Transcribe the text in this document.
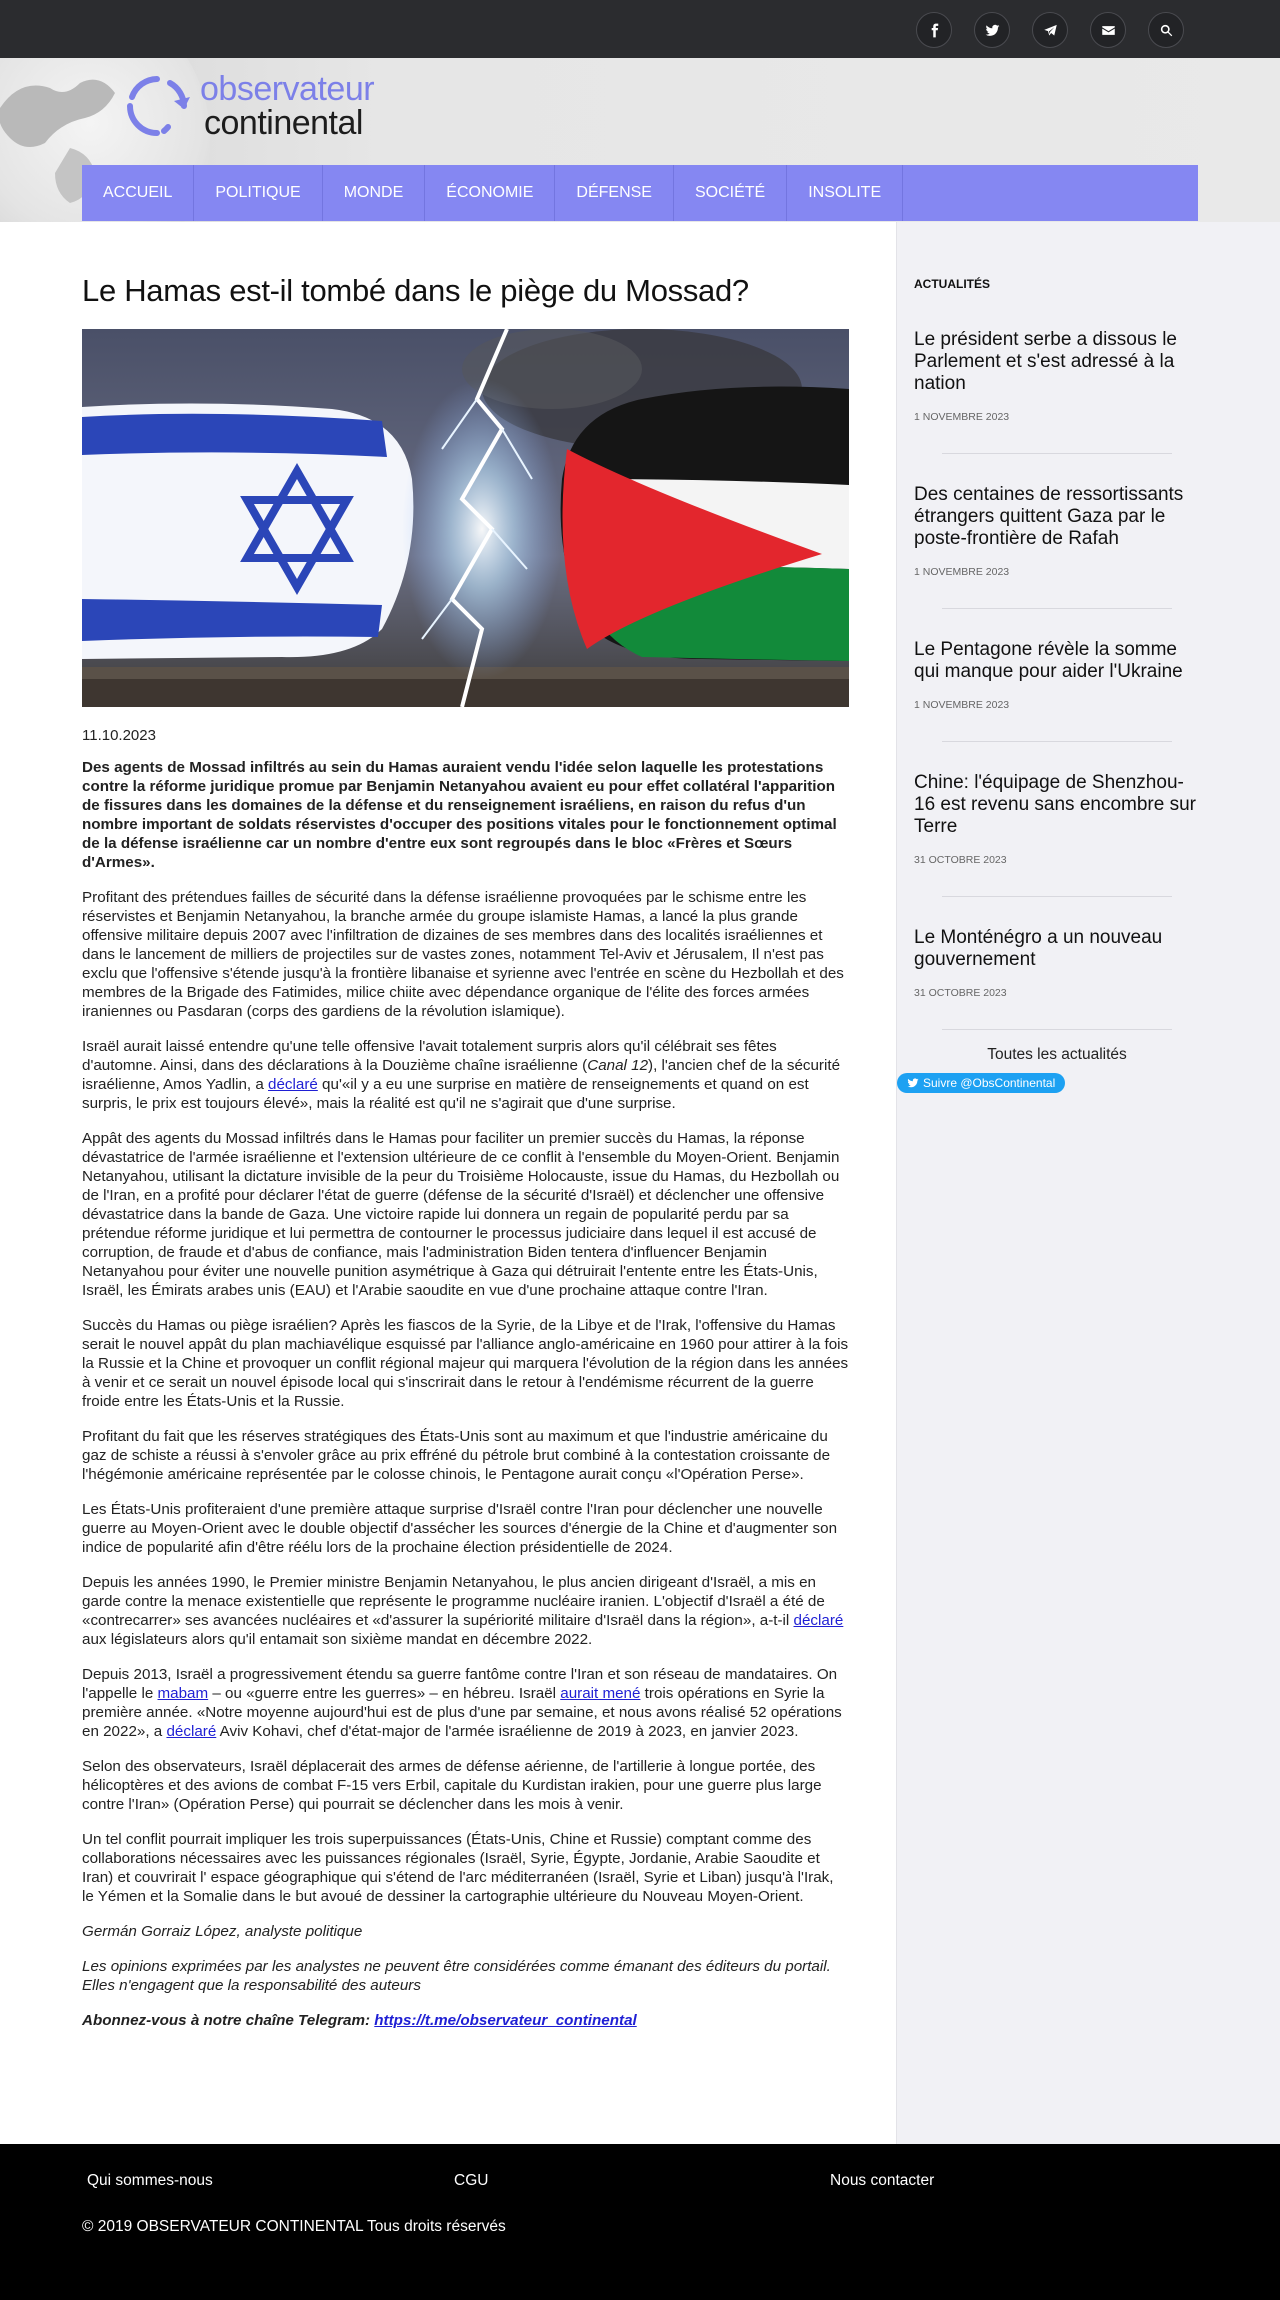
observateur
continental
ACCUEIL	POLITIQUE	MONDE	ÉCONOMIE	DÉFENSE	SOCIÉTÉ	INSOLITE
Le Hamas est-il tombé dans le piège du Mossad?
11.10.2023

Des agents de Mossad infiltrés au sein du Hamas auraient vendu l'idée selon laquelle les protestations contre la réforme juridique promue par Benjamin Netanyahou avaient eu pour effet collatéral l'apparition de fissures dans les domaines de la défense et du renseignement israéliens, en raison du refus d'un nombre important de soldats réservistes d'occuper des positions vitales pour le fonctionnement optimal de la défense israélienne car un nombre d'entre eux sont regroupés dans le bloc «Frères et Sœurs d'Armes».

Profitant des prétendues failles de sécurité dans la défense israélienne provoquées par le schisme entre les réservistes et Benjamin Netanyahou, la branche armée du groupe islamiste Hamas, a lancé la plus grande offensive militaire depuis 2007 avec l'infiltration de dizaines de ses membres dans des localités israéliennes et dans le lancement de milliers de projectiles sur de vastes zones, notamment Tel-Aviv et Jérusalem, Il n'est pas exclu que l'offensive s'étende jusqu'à la frontière libanaise et syrienne avec l'entrée en scène du Hezbollah et des membres de la Brigade des Fatimides, milice chiite avec dépendance organique de l'élite des forces armées iraniennes ou Pasdaran (corps des gardiens de la révolution islamique).

Israël aurait laissé entendre qu'une telle offensive l'avait totalement surpris alors qu'il célébrait ses fêtes d'automne. Ainsi, dans des déclarations à la Douzième chaîne israélienne (Canal 12), l'ancien chef de la sécurité israélienne, Amos Yadlin, a déclaré qu'«il y a eu une surprise en matière de renseignements et quand on est surpris, le prix est toujours élevé», mais la réalité est qu'il ne s'agirait que d'une surprise.

Appât des agents du Mossad infiltrés dans le Hamas pour faciliter un premier succès du Hamas, la réponse dévastatrice de l'armée israélienne et l'extension ultérieure de ce conflit à l'ensemble du Moyen-Orient. Benjamin Netanyahou, utilisant la dictature invisible de la peur du Troisième Holocauste, issue du Hamas, du Hezbollah ou de l'Iran, en a profité pour déclarer l'état de guerre (défense de la sécurité d'Israël) et déclencher une offensive dévastatrice dans la bande de Gaza. Une victoire rapide lui donnera un regain de popularité perdu par sa prétendue réforme juridique et lui permettra de contourner le processus judiciaire dans lequel il est accusé de corruption, de fraude et d'abus de confiance, mais l'administration Biden tentera d'influencer Benjamin Netanyahou pour éviter une nouvelle punition asymétrique à Gaza qui détruirait l'entente entre les États-Unis, Israël, les Émirats arabes unis (EAU) et l'Arabie saoudite en vue d'une prochaine attaque contre l'Iran.

Succès du Hamas ou piège israélien? Après les fiascos de la Syrie, de la Libye et de l'Irak, l'offensive du Hamas serait le nouvel appât du plan machiavélique esquissé par l'alliance anglo-américaine en 1960 pour attirer à la fois la Russie et la Chine et provoquer un conflit régional majeur qui marquera l'évolution de la région dans les années à venir et ce serait un nouvel épisode local qui s'inscrirait dans le retour à l'endémisme récurrent de la guerre froide entre les États-Unis et la Russie.

Profitant du fait que les réserves stratégiques des États-Unis sont au maximum et que l'industrie américaine du gaz de schiste a réussi à s'envoler grâce au prix effréné du pétrole brut combiné à la contestation croissante de l'hégémonie américaine représentée par le colosse chinois, le Pentagone aurait conçu «l'Opération Perse».

Les États-Unis profiteraient d'une première attaque surprise d'Israël contre l'Iran pour déclencher une nouvelle guerre au Moyen-Orient avec le double objectif d'assécher les sources d'énergie de la Chine et d'augmenter son indice de popularité afin d'être réélu lors de la prochaine élection présidentielle de 2024.

Depuis les années 1990, le Premier ministre Benjamin Netanyahou, le plus ancien dirigeant d'Israël, a mis en garde contre la menace existentielle que représente le programme nucléaire iranien. L'objectif d'Israël a été de «contrecarrer» ses avancées nucléaires et «d'assurer la supériorité militaire d'Israël dans la région», a-t-il déclaré aux législateurs alors qu'il entamait son sixième mandat en décembre 2022.

Depuis 2013, Israël a progressivement étendu sa guerre fantôme contre l'Iran et son réseau de mandataires. On l'appelle le mabam – ou «guerre entre les guerres» – en hébreu. Israël aurait mené trois opérations en Syrie la première année. «Notre moyenne aujourd'hui est de plus d'une par semaine, et nous avons réalisé 52 opérations en 2022», a déclaré Aviv Kohavi, chef d'état-major de l'armée israélienne de 2019 à 2023, en janvier 2023.

Selon des observateurs, Israël déplacerait des armes de défense aérienne, de l'artillerie à longue portée, des hélicoptères et des avions de combat F-15 vers Erbil, capitale du Kurdistan irakien, pour une guerre plus large contre l'Iran» (Opération Perse) qui pourrait se déclencher dans les mois à venir.

Un tel conflit pourrait impliquer les trois superpuissances (États-Unis, Chine et Russie) comptant comme des collaborations nécessaires avec les puissances régionales (Israël, Syrie, Égypte, Jordanie, Arabie Saoudite et Iran) et couvrirait l' espace géographique qui s'étend de l'arc méditerranéen (Israël, Syrie et Liban) jusqu'à l'Irak, le Yémen et la Somalie dans le but avoué de dessiner la cartographie ultérieure du Nouveau Moyen-Orient.

Germán Gorraiz López, analyste politique

Les opinions exprimées par les analystes ne peuvent être considérées comme émanant des éditeurs du portail. Elles n'engagent que la responsabilité des auteurs

Abonnez-vous à notre chaîne Telegram: https://t.me/observateur_continental

ACTUALITÉS
Le président serbe a dissous le Parlement et s'est adressé à la nation
1 NOVEMBRE 2023
Des centaines de ressortissants étrangers quittent Gaza par le poste-frontière de Rafah
1 NOVEMBRE 2023
Le Pentagone révèle la somme qui manque pour aider l'Ukraine
1 NOVEMBRE 2023
Chine: l'équipage de Shenzhou-16 est revenu sans encombre sur Terre
31 OCTOBRE 2023
Le Monténégro a un nouveau gouvernement
31 OCTOBRE 2023
Toutes les actualités
Suivre @ObsContinental
Qui sommes-nous	CGU	Nous contacter
© 2019 OBSERVATEUR CONTINENTAL Tous droits réservés
